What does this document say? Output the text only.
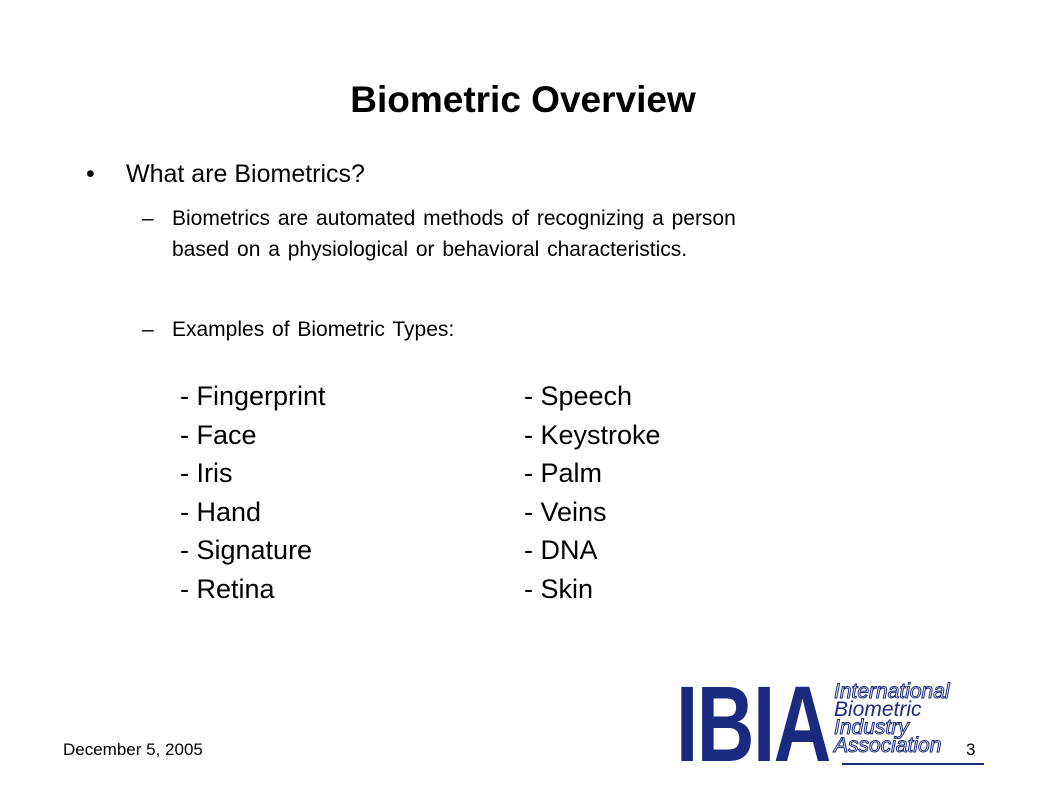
Biometric Overview
• What are Biometrics?
– Biometrics are automated methods of recognizing a person
based on a physiological or behavioral characteristics.
– Examples of Biometric Types:
- Fingerprint
- Face
- Iris
- Hand
- Signature
- Retina
- Speech
- Keystroke
- Palm
- Veins
- DNA
- Skin
December 5, 2005	IBIA International
Biometric
Industry
Association	3
